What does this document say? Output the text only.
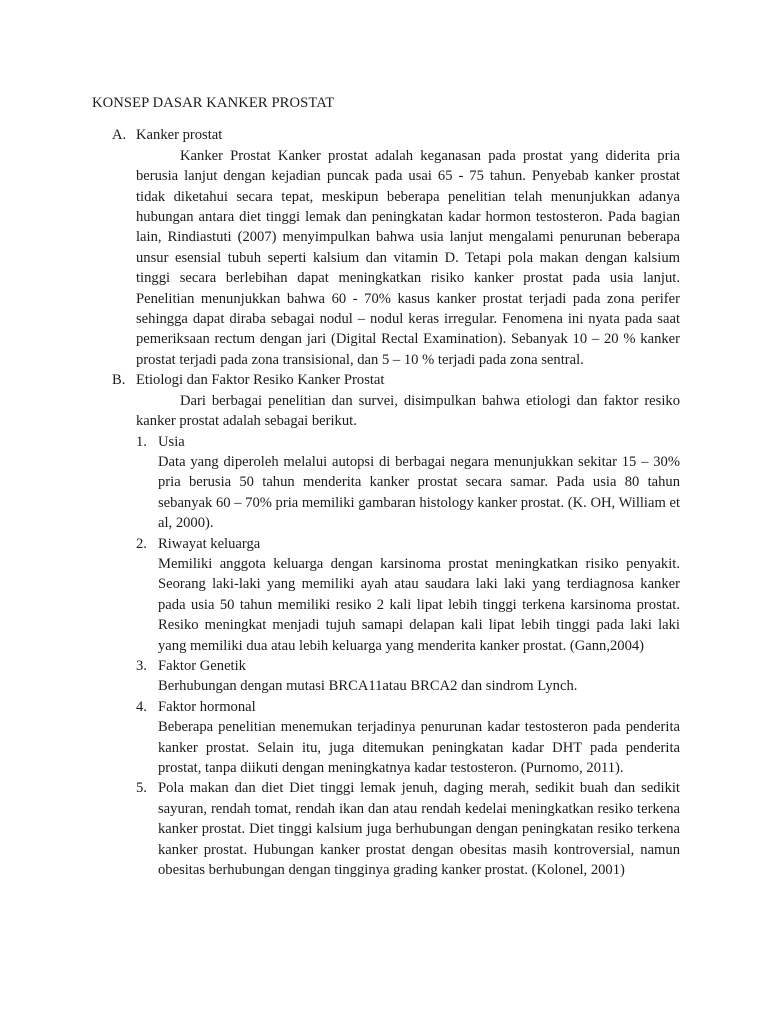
KONSEP DASAR KANKER PROSTAT
A. Kanker prostat

Kanker Prostat Kanker prostat adalah keganasan pada prostat yang diderita pria berusia lanjut dengan kejadian puncak pada usai 65 - 75 tahun. Penyebab kanker prostat tidak diketahui secara tepat, meskipun beberapa penelitian telah menunjukkan adanya hubungan antara diet tinggi lemak dan peningkatan kadar hormon testosteron. Pada bagian lain, Rindiastuti (2007) menyimpulkan bahwa usia lanjut mengalami penurunan beberapa unsur esensial tubuh seperti kalsium dan vitamin D. Tetapi pola makan dengan kalsium tinggi secara berlebihan dapat meningkatkan risiko kanker prostat pada usia lanjut. Penelitian menunjukkan bahwa 60 - 70% kasus kanker prostat terjadi pada zona perifer sehingga dapat diraba sebagai nodul – nodul keras irregular. Fenomena ini nyata pada saat pemeriksaan rectum dengan jari (Digital Rectal Examination). Sebanyak 10 – 20 % kanker prostat terjadi pada zona transisional, dan 5 – 10 % terjadi pada zona sentral.

B. Etiologi dan Faktor Resiko Kanker Prostat

Dari berbagai penelitian dan survei, disimpulkan bahwa etiologi dan faktor resiko kanker prostat adalah sebagai berikut.

1. Usia

Data yang diperoleh melalui autopsi di berbagai negara menunjukkan sekitar 15 – 30% pria berusia 50 tahun menderita kanker prostat secara samar. Pada usia 80 tahun sebanyak 60 – 70% pria memiliki gambaran histology kanker prostat. (K. OH, William et al, 2000).

2. Riwayat keluarga

Memiliki anggota keluarga dengan karsinoma prostat meningkatkan risiko penyakit. Seorang laki-laki yang memiliki ayah atau saudara laki laki yang terdiagnosa kanker pada usia 50 tahun memiliki resiko 2 kali lipat lebih tinggi terkena karsinoma prostat. Resiko meningkat menjadi tujuh samapi delapan kali lipat lebih tinggi pada laki laki yang memiliki dua atau lebih keluarga yang menderita kanker prostat. (Gann,2004)

3. Faktor Genetik

Berhubungan dengan mutasi BRCA11atau BRCA2 dan sindrom Lynch.

4. Faktor hormonal

Beberapa penelitian menemukan terjadinya penurunan kadar testosteron pada penderita kanker prostat. Selain itu, juga ditemukan peningkatan kadar DHT pada penderita prostat, tanpa diikuti dengan meningkatnya kadar testosteron. (Purnomo, 2011).

5. Pola makan dan diet Diet tinggi lemak jenuh, daging merah, sedikit buah dan sedikit sayuran, rendah tomat, rendah ikan dan atau rendah kedelai meningkatkan resiko terkena kanker prostat. Diet tinggi kalsium juga berhubungan dengan peningkatan resiko terkena kanker prostat. Hubungan kanker prostat dengan obesitas masih kontroversial, namun obesitas berhubungan dengan tingginya grading kanker prostat. (Kolonel, 2001)
